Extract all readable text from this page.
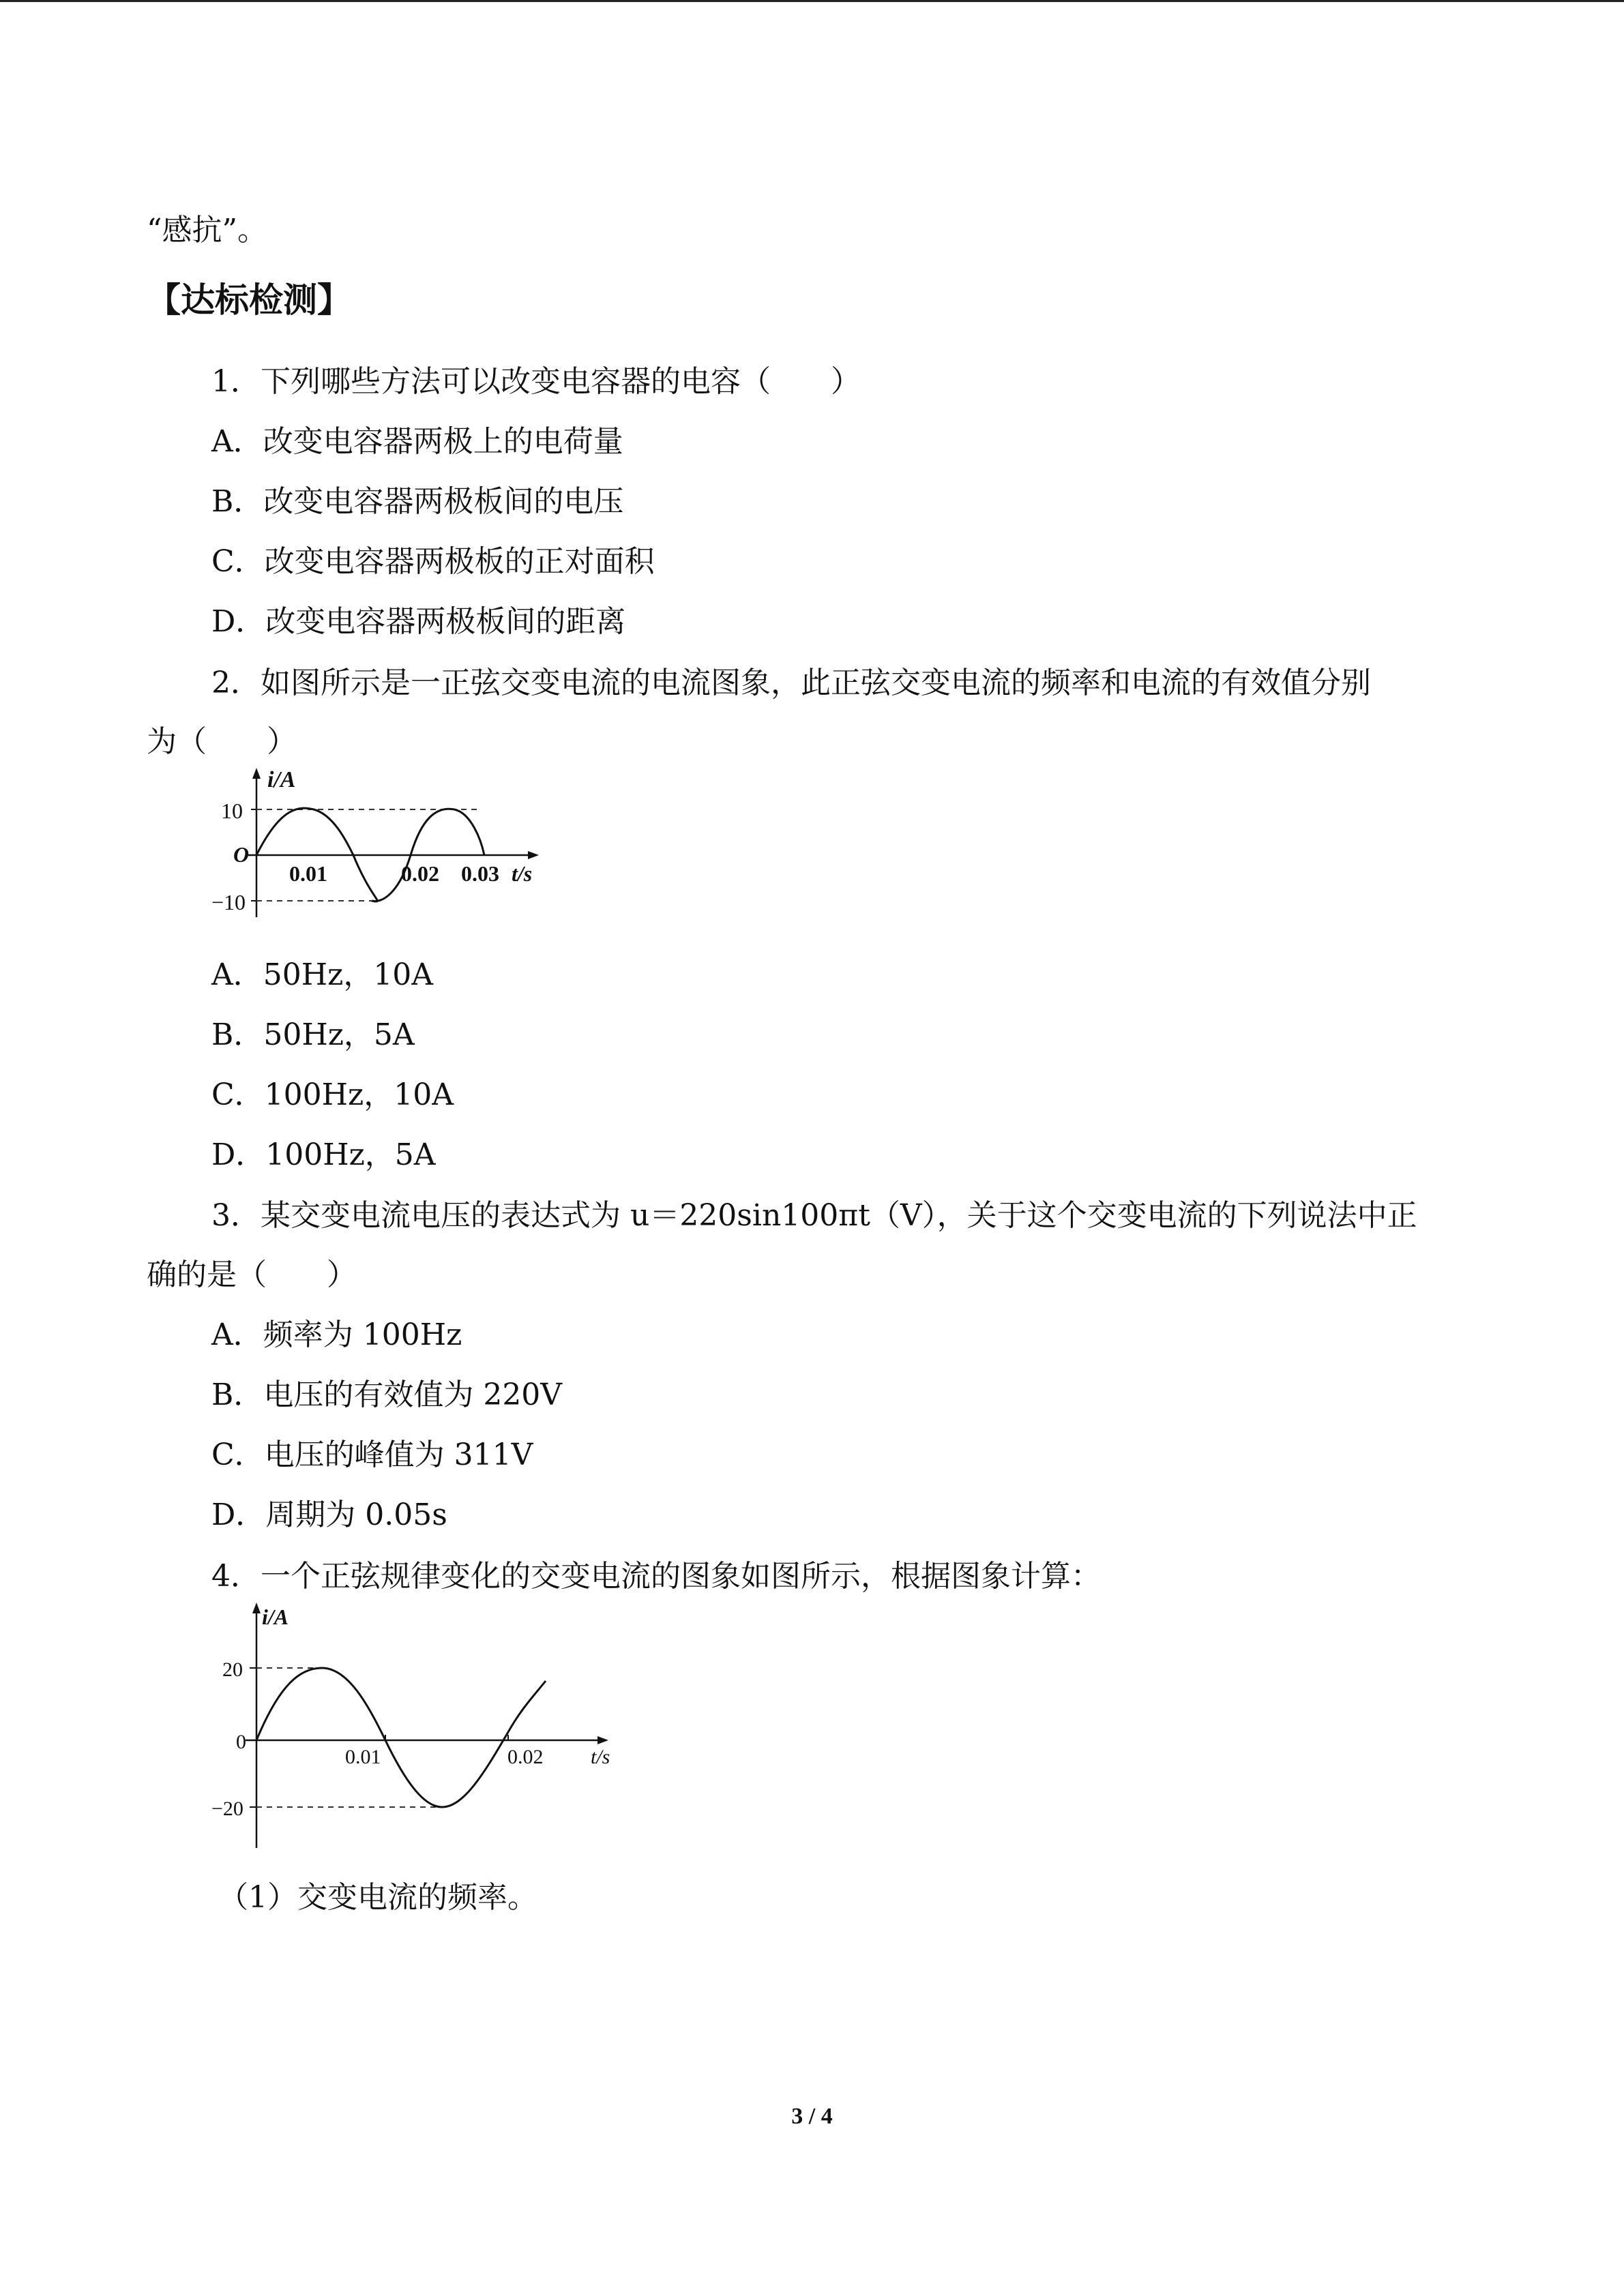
“感抗”。
【达标检测】
1．下列哪些方法可以改变电容器的电容（　　）
A．改变电容器两极上的电荷量
B．改变电容器两极板间的电压
C．改变电容器两极板的正对面积
D．改变电容器两极板间的距离
2．如图所示是一正弦交变电流的电流图象，此正弦交变电流的频率和电流的有效值分别
为（　　）
i/A
10
O
−10
0.01	0.02 0.03 t/s
A．50Hz，10A
B．50Hz，5A
C．100Hz，10A
D．100Hz，5A
3．某交变电流电压的表达式为 u＝220sin100πt（V），关于这个交变电流的下列说法中正
确的是（　　）
A．频率为 100Hz
B．电压的有效值为 220V
C．电压的峰值为 311V
D．周期为 0.05s
4．一个正弦规律变化的交变电流的图象如图所示，根据图象计算：
i/A
20
0
−20
0.01	0.02 t/s
（1）交变电流的频率。
3 / 4
